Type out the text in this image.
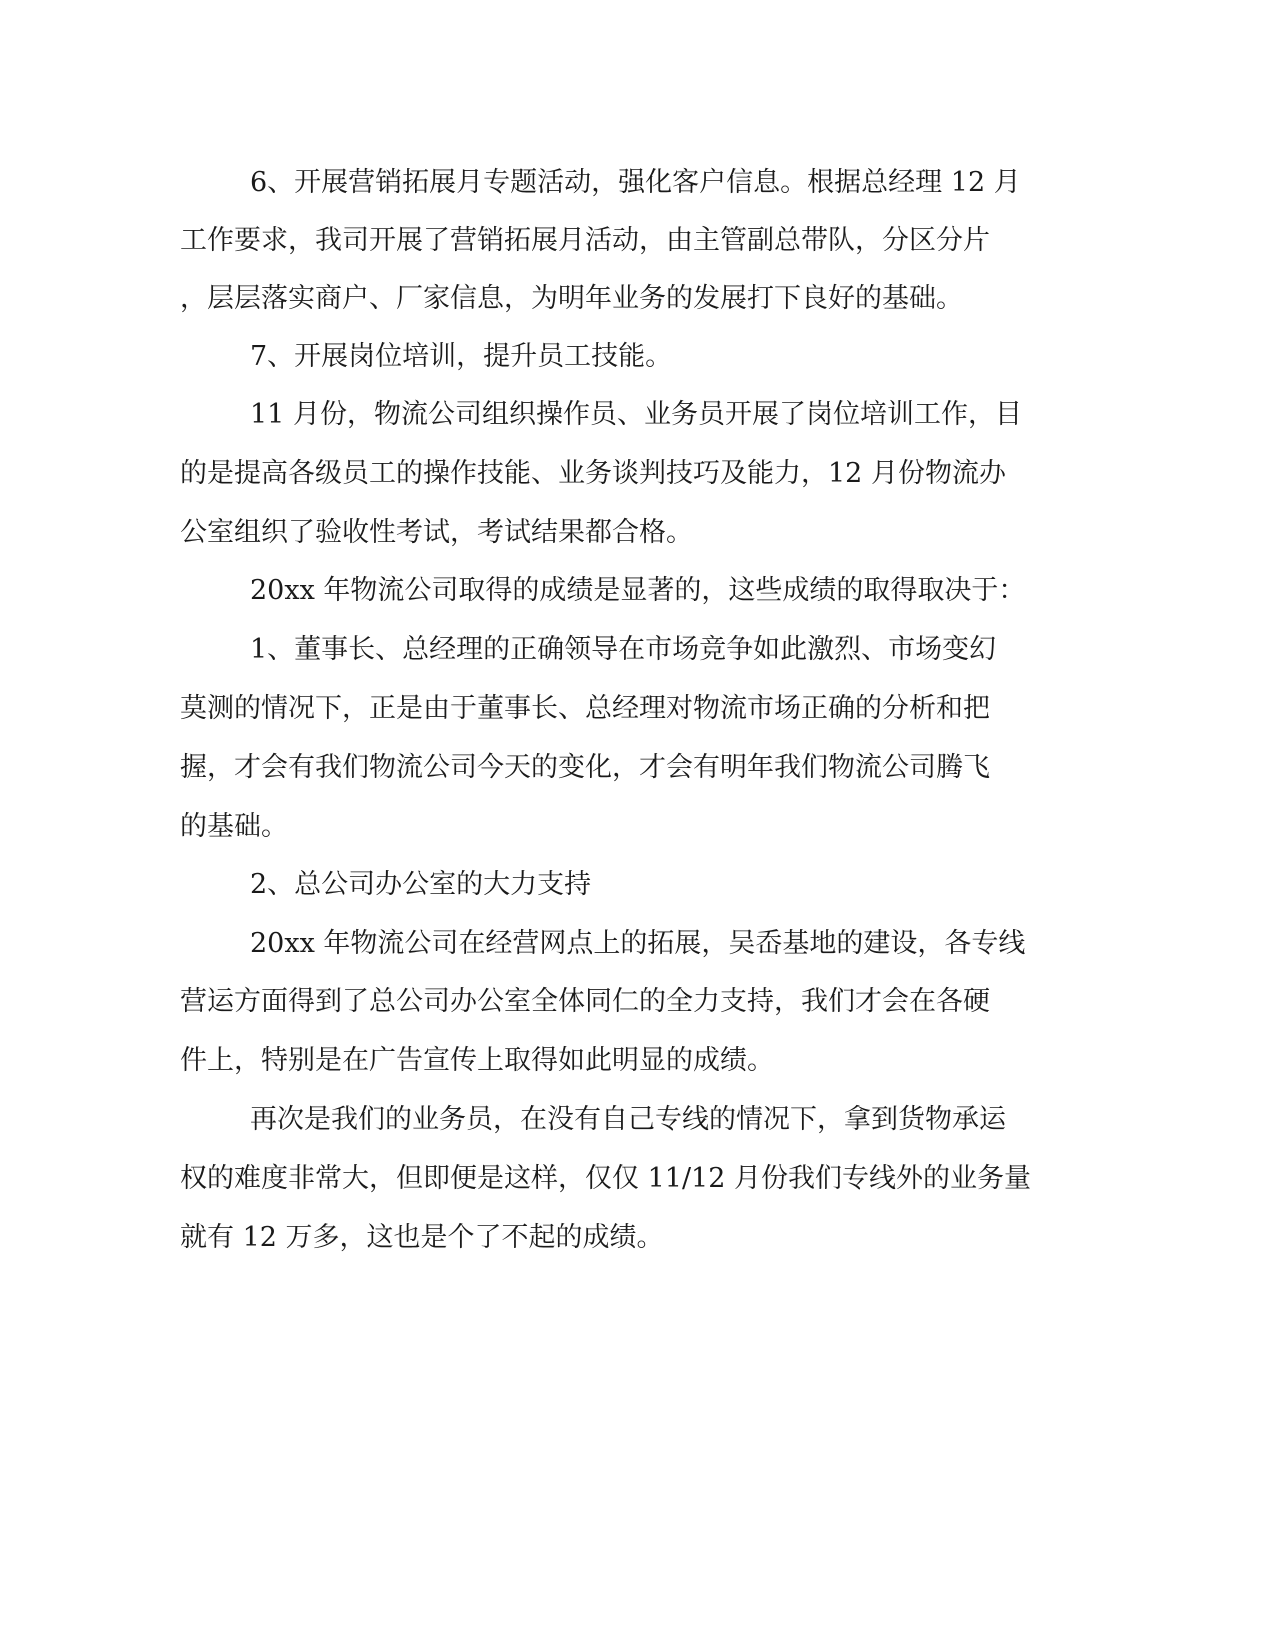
6、开展营销拓展月专题活动，强化客户信息。根据总经理 12 月
工作要求，我司开展了营销拓展月活动，由主管副总带队，分区分片
，层层落实商户、厂家信息，为明年业务的发展打下良好的基础。
7、开展岗位培训，提升员工技能。
11 月份，物流公司组织操作员、业务员开展了岗位培训工作，目
的是提高各级员工的操作技能、业务谈判技巧及能力，12 月份物流办
公室组织了验收性考试，考试结果都合格。
20xx 年物流公司取得的成绩是显著的，这些成绩的取得取决于：
1、董事长、总经理的正确领导在市场竞争如此激烈、市场变幻
莫测的情况下，正是由于董事长、总经理对物流市场正确的分析和把
握，才会有我们物流公司今天的变化，才会有明年我们物流公司腾飞
的基础。
2、总公司办公室的大力支持
20xx 年物流公司在经营网点上的拓展，吴岙基地的建设，各专线
营运方面得到了总公司办公室全体同仁的全力支持，我们才会在各硬
件上，特别是在广告宣传上取得如此明显的成绩。
再次是我们的业务员，在没有自己专线的情况下，拿到货物承运
权的难度非常大，但即便是这样，仅仅 11/12 月份我们专线外的业务量
就有 12 万多，这也是个了不起的成绩。
